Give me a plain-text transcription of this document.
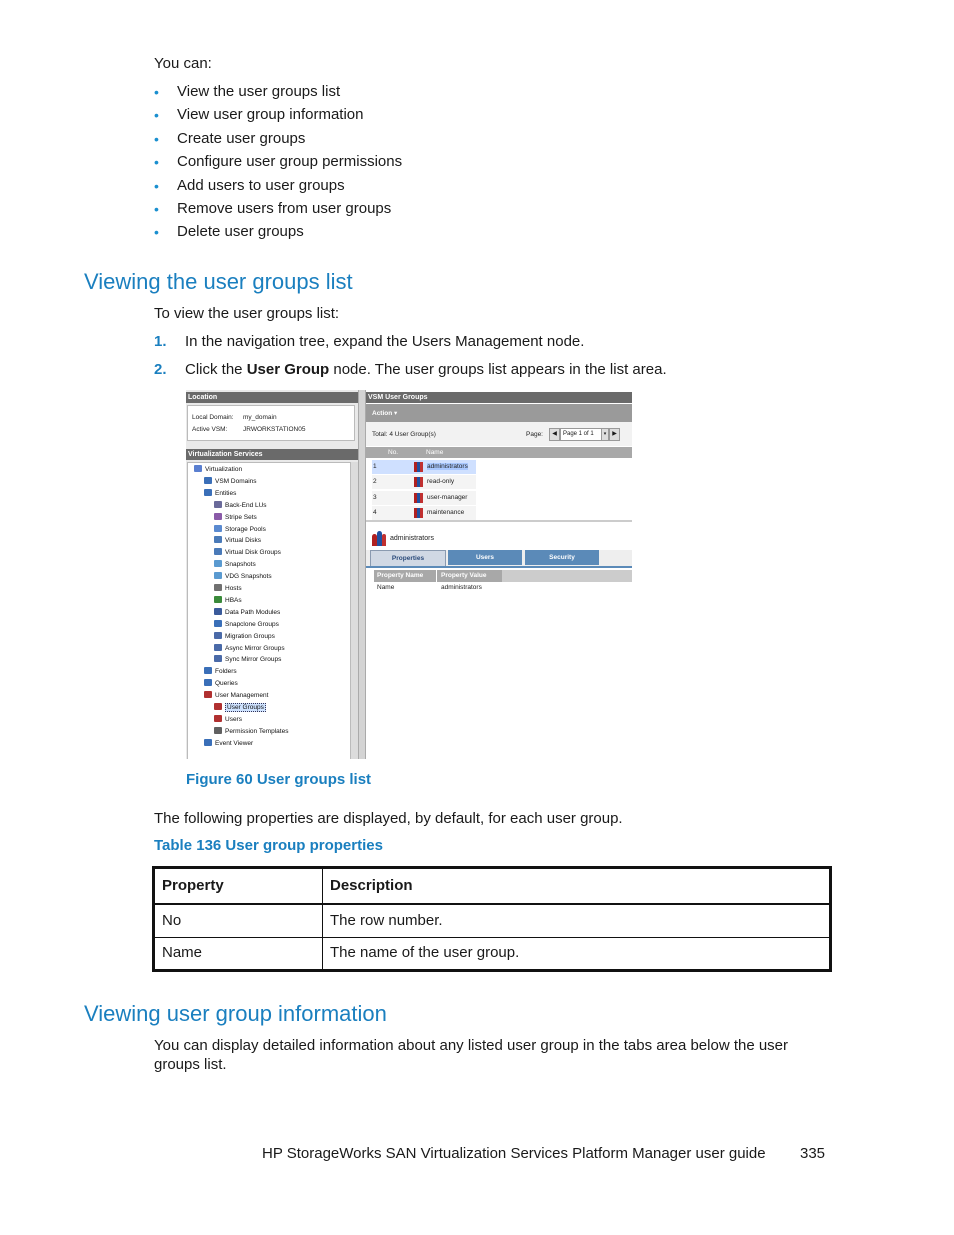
You can:
• View the user groups list
• View user group information
• Create user groups
• Configure user group permissions
• Add users to user groups
• Remove users from user groups
• Delete user groups
Viewing the user groups list
To view the user groups list:
1. In the navigation tree, expand the Users Management node.
2. Click the User Group node. The user groups list appears in the list area.
Location
Local Domain: my_domain
Active VSM: JRWORKSTATION05
Virtualization Services
Virtualization
VSM Domains
Entities
Back-End LUs
Stripe Sets
Storage Pools
Virtual Disks
Virtual Disk Groups
Snapshots
VDG Snapshots
Hosts
HBAs
Data Path Modules
Snapclone Groups
Migration Groups
Async Mirror Groups
Sync Mirror Groups
Folders
Queries
User Management
User Groups
Users
Permission Templates
Event Viewer
VSM User Groups
Action ▾
Total: 4 User Group(s)	Page:	◀	Page 1 of 1	▾ ▶
No.	Name
1	administrators
2	read-only
3	user-manager
4	maintenance
administrators
Properties	Users	Security
Property Name	Property Value
Name	administrators
Figure 60 User groups list
The following properties are displayed, by default, for each user group.
Table 136 User group properties
Property	Description
No	The row number.
Name	The name of the user group.
Viewing user group information
You can display detailed information about any listed user group in the tabs area below the user
groups list.
HP StorageWorks SAN Virtualization Services Platform Manager user guide 335
